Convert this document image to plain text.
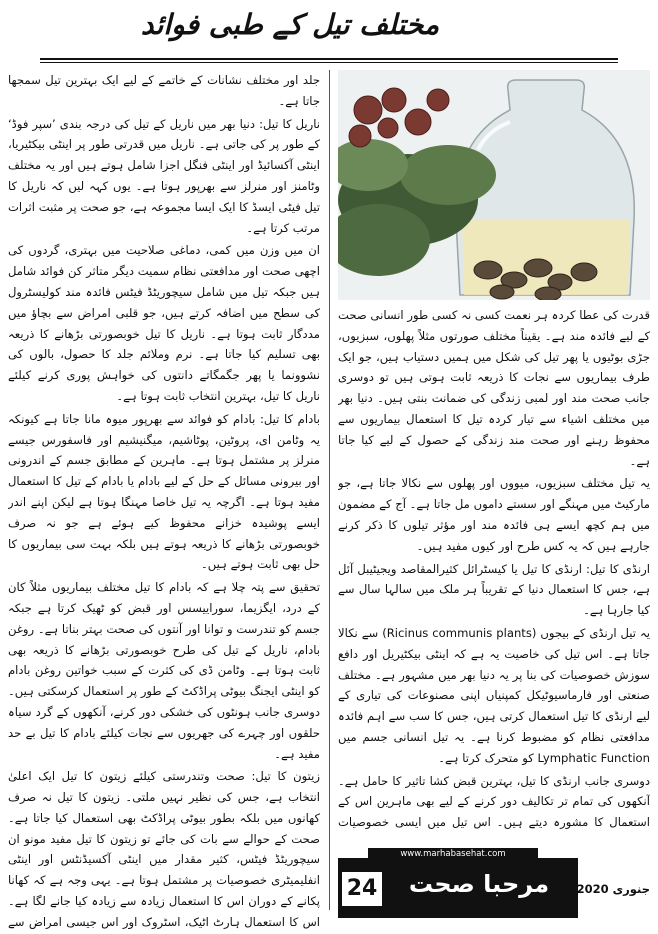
مختلف تیل کے طبی فوائد

جلد اور مختلف نشانات کے خاتمے کے لیے ایک بہترین تیل سمجھا جاتا ہے۔

ناریل کا تیل: دنیا بھر میں ناریل کے تیل کی درجہ بندی ’سپر فوڈ‘ کے طور پر کی جاتی ہے۔ ناریل میں قدرتی طور پر اینٹی بیکٹیریا، اینٹی آکسائیڈ اور اینٹی فنگل اجزا شامل ہوتے ہیں اور یہ مختلف وٹامنز اور منرلز سے بھرپور ہوتا ہے۔ یوں کہہ لیں کہ ناریل کا تیل فیٹی ایسڈ کا ایک ایسا مجموعہ ہے، جو صحت پر مثبت اثرات مرتب کرتا ہے۔

ان میں وزن میں کمی، دماغی صلاحیت میں بہتری، گردوں کی اچھی صحت اور مدافعتی نظام سمیت دیگر متاثر کن فوائد شامل ہیں جبکہ تیل میں شامل سیچوریٹڈ فیٹس فائدہ مند کولیسٹرول کی سطح میں اضافہ کرتے ہیں، جو قلبی امراض سے بچاؤ میں مددگار ثابت ہوتا ہے۔ ناریل کا تیل خوبصورتی بڑھانے کا ذریعہ بھی تسلیم کیا جاتا ہے۔ نرم وملائم جلد کا حصول، بالوں کی نشوونما یا پھر جگمگاتے دانتوں کی خواہش پوری کرنے کیلئے ناریل کا تیل، بہترین انتخاب ثابت ہوتا ہے۔

بادام کا تیل: بادام کو فوائد سے بھرپور میوہ مانا جاتا ہے کیونکہ یہ وٹامن ای، پروٹین، پوٹاشیم، میگنیشیم اور فاسفورس جیسے منرلز پر مشتمل ہوتا ہے۔ ماہرین کے مطابق جسم کے اندرونی اور بیرونی مسائل کے حل کے لیے بادام یا بادام کے تیل کا استعمال مفید ہوتا ہے۔ اگرچہ یہ تیل خاصا مہنگا ہوتا ہے لیکن اپنے اندر ایسے پوشیدہ خزانے محفوظ کیے ہوئے ہے جو نہ صرف خوبصورتی بڑھانے کا ذریعہ ہوتے ہیں بلکہ بہت سی بیماریوں کا حل بھی ثابت ہوتے ہیں۔

تحقیق سے پتہ چلا ہے کہ بادام کا تیل مختلف بیماریوں مثلاً کان کے درد، ایگزیما، سوراییسس اور قبض کو ٹھیک کرتا ہے جبکہ جسم کو تندرست و توانا اور آنتوں کی صحت بہتر بناتا ہے۔ روغن بادام، ناریل کے تیل کی طرح خوبصورتی بڑھانے کا ذریعہ بھی ثابت ہوتا ہے۔ وٹامن ڈی کی کثرت کے سبب خواتین روغن بادام کو اینٹی ایجنگ بیوٹی پراڈکٹ کے طور پر استعمال کرسکتی ہیں۔ دوسری جانب ہونٹوں کی خشکی دور کرنے، آنکھوں کے گرد سیاہ حلقوں اور چہرے کی جھریوں سے نجات کیلئے بادام کا تیل بے حد مفید ہے۔

زیتون کا تیل: صحت وتندرستی کیلئے زیتون کا تیل ایک اعلیٰ انتخاب ہے، جس کی نظیر نہیں ملتی۔ زیتون کا تیل نہ صرف کھانوں میں بلکہ بطور بیوٹی پراڈکٹ بھی استعمال کیا جاتا ہے۔ صحت کے حوالے سے بات کی جائے تو زیتون کا تیل مفید مونو ان سیچوریٹڈ فیٹس، کثیر مقدار میں اینٹی آکسیڈنٹس اور اینٹی انفلیمیٹری خصوصیات پر مشتمل ہوتا ہے۔ یہی وجہ ہے کہ کھانا پکانے کے دوران اس کا استعمال زیادہ سے زیادہ کیا جانے لگا ہے۔ اس کا استعمال ہارٹ اٹیک، اسٹروک اور اس جیسی امراض سے

قدرت کی عطا کردہ ہر نعمت کسی نہ کسی طور انسانی صحت کے لیے فائدہ مند ہے۔ یقیناً مختلف صورتوں مثلاً پھلوں، سبزیوں، جڑی بوٹیوں یا پھر تیل کی شکل میں ہمیں دستیاب ہیں، جو ایک طرف بیماریوں سے نجات کا ذریعہ ثابت ہوتی ہیں تو دوسری جانب صحت مند اور لمبی زندگی کی ضمانت بنتی ہیں۔ دنیا بھر میں مختلف اشیاء سے تیار کردہ تیل کا استعمال بیماریوں سے محفوظ رہنے اور صحت مند زندگی کے حصول کے لیے کیا جاتا ہے۔

یہ تیل مختلف سبزیوں، میووں اور پھلوں سے نکالا جاتا ہے، جو مارکیٹ میں مہنگے اور سستے داموں مل جاتا ہے۔ آج کے مضمون میں ہم کچھ ایسے ہی فائدہ مند اور مؤثر تیلوں کا ذکر کرنے جارہے ہیں کہ یہ کس طرح اور کیوں مفید ہیں۔

ارنڈی کا تیل: ارنڈی کا تیل یا کیسٹرائل کثیرالمقاصد ویجیٹیبل آئل ہے، جس کا استعمال دنیا کے تقریباً ہر ملک میں سالہا سال سے کیا جارہا ہے۔

یہ تیل ارنڈی کے بیجوں (Ricinus communis plants) سے نکالا جاتا ہے۔ اس تیل کی خاصیت یہ ہے کہ اینٹی بیکٹیریل اور دافع سوزش خصوصیات کی بنا پر یہ دنیا بھر میں مشہور ہے۔ مختلف صنعتی اور فارماسیوٹیکل کمپنیاں اپنی مصنوعات کی تیاری کے لیے ارنڈی کا تیل استعمال کرتی ہیں، جس کا سب سے اہم فائدہ مدافعتی نظام کو مضبوط کرنا ہے۔ یہ تیل انسانی جسم میں Lymphatic Function کو متحرک کرتا ہے۔

دوسری جانب ارنڈی کا تیل، بہترین قبض کشا تاثیر کا حامل ہے۔ آنکھوں کی تمام تر تکالیف دور کرنے کے لیے بھی ماہرین اس کے استعمال کا مشورہ دیتے ہیں۔ اس تیل میں ایسی خصوصیات

مرحبا صحت
24
www.marhabasehat.com
جنوری 2020ء
